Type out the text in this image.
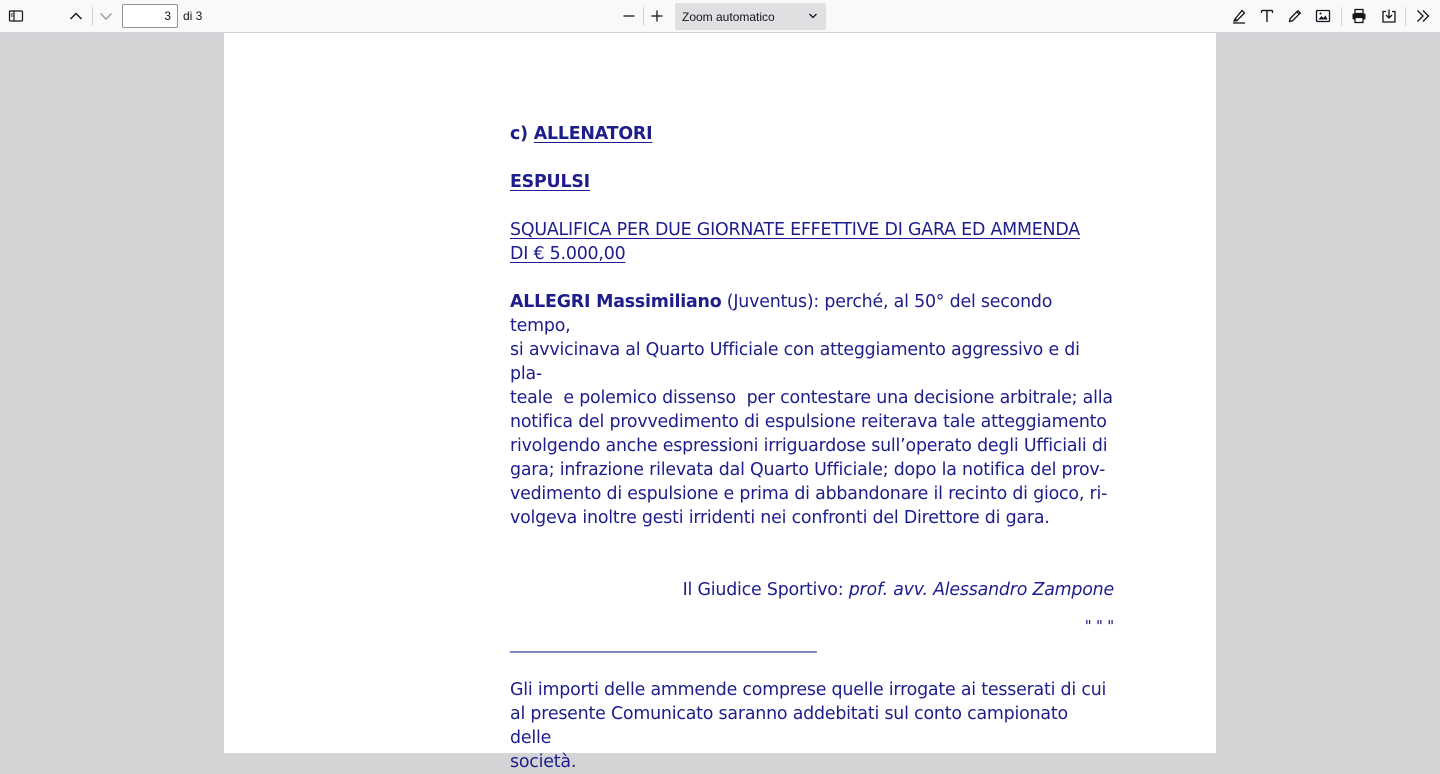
3
di 3	Zoom automatico

c) ALLENATORI

ESPULSI

SQUALIFICA PER DUE GIORNATE EFFETTIVE DI GARA ED AMMENDA

DI € 5.000,00

ALLEGRI Massimiliano (Juventus): perché, al 50° del secondo tempo,

si avvicinava al Quarto Ufficiale con atteggiamento aggressivo e di pla-

teale  e polemico dissenso  per contestare una decisione arbitrale; alla

notifica del provvedimento di espulsione reiterava tale atteggiamento

rivolgendo anche espressioni irriguardose sull’operato degli Ufficiali di

gara; infrazione rilevata dal Quarto Ufficiale; dopo la notifica del prov-

vedimento di espulsione e prima di abbandonare il recinto di gioco, ri-

volgeva inoltre gesti irridenti nei confronti del Direttore di gara.

Il Giudice Sportivo: prof. avv. Alessandro Zampone

" " "

__________________________________________

Gli importi delle ammende comprese quelle irrogate ai tesserati di cui

al presente Comunicato saranno addebitati sul conto campionato delle

società.
